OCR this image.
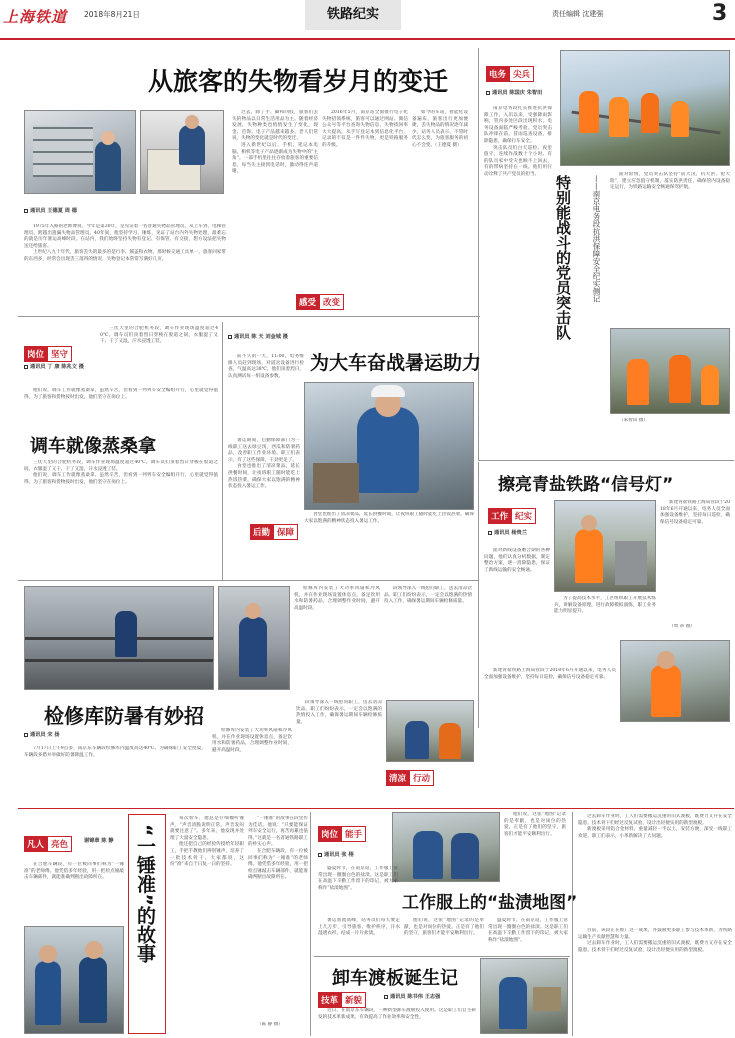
上海铁道 2018年8月21日	铁路纪实	责任编辑 沈建强	3
从旅客的失物看岁月的变迁
通讯员 王德夏 周 德

1975年入路的老师傅说，今年是第30年，是见证着一名普通失物品管理员。从上车到，电梯管理员，跨越出遗漏失物品管理员，40年间，他坚持学习、锤炼，见证了站台内外失物处理，最难忘的就是历年暑运高峰时段。在站内，我们始终坚持失物有登记、有保管、有交接，想方设法把失物送还给旅客。

上世纪八九十年代，旅客丢失的最多的是行李、铺盖和衣物。那时候交通工具单一，旅客回家带的东西多，经常会出现丢三落四的情况，失物登记本常常写满好几页。

过去，除了手、脚和四肢，旅客们丢失的物品以日常生活用品为主。随着经济发展，失物种类也悄悄发生了变化，现金、首饰、电子产品越来越多。老人们常说，失物的变化就是时代的变迁。

进入新世纪以后，手机、笔记本电脑、相机等电子产品逐渐成为失物中的“主角”。一部手机里往往存放着旅客的重要信息，每当失主接到电话时，激动得连声道谢。

2016年5月，南京站全面推行电子化失物招领系统，旅客可以通过网站、微信公众号等平台查询失物信息，失物找回率大大提高。从手写登记本到信息化平台，记录的不仅是一件件失物，更是铁路服务的升级。

如今的车站，智能化设备遍布，旅客出行更加便捷，丢失物品的情况逐年减少。站务人员表示，不管时代怎么变，为旅客服务的初心不会变。（王德夏 摄）

感受 改变
电务 尖兵
通讯员 陈国庆 朱智田

南京电务段扎实推进抗洪保障工作。入汛以来，受强降雨影响，管内多处区段出现积水，电务设备面临严峻考验。党员突击队冲锋在前，冒雨巡查设备，排除隐患，确保行车安全。

突击队员们白天巡检、夜里值守，连续作战数十个小时。有的队员家中受灾也顾不上回去，有的带病坚持在一线。他们用行动诠释了共产党员的担当。

特别能战斗的党员突击队	——南京电务段抗洪保障安全纪实侧记

面对险情，党员突击队坚持“防大汛、抗大洪、抢大险”，建立应急值守机制，落实防洪责任，确保管内设备稳定运行，为铁路运输安全畅通保驾护航。

（朱智田 摄）

岗位 坚守
通讯员 丁 康 陈兆文 摄

三伏天里的合肥机务段，调车作业现场温度超过40℃。调车员们顶着烈日穿梭在股道之间，衣服湿了又干、干了又湿，汗水浸透工装。

他们说，调车工作就像蒸桑拿，虽然辛苦，但看到一列列车安全编组开行，心里就觉得值得。为了旅客和货物按时出发，他们坚守在岗位上。

调车就像蒸桑拿

三伏天里的合肥机务段，调车作业现场温度超过40℃。调车员们顶着烈日穿梭在股道之间，衣服湿了又干、干了又湿，汗水浸透工装。

他们说，调车工作就像蒸桑拿，虽然辛苦，但看到一列列车安全编组开行，心里就觉得值得。为了旅客和货物按时出发，他们坚守在岗位上。

通讯员 陈 天 刘金城 摄
为大车奋战暑运助力

前不久的一天，11:00，电务维修人员赶到现场，对道岔设备进行检查。气温高达38℃，他们顶着烈日，认真测试每一组设备参数。

暑运期间，后勤保障部门为一线职工送去绿豆汤、西瓜和防暑药品，改善职工作业环境。职工们表示，有了这些保障，干劲更足了。

食堂也推出了清凉菜品，延长供餐时间，让夜班职工随时能吃上热饭热菜，确保大家以饱满的精神状态投入暑运工作。

后勤 保障

食堂也推出了清凉菜品，延长供餐时间，让夜班职工随时能吃上热饭热菜，确保大家以饱满的精神状态投入暑运工作。

擦亮青盐铁路“信号灯”
工作 纪实
通讯员 杨贵兰

新建青盐铁路上海局管段于2018年6月开通以来，电务人员全面加强设备维护，坚持每日巡检，确保信号设备稳定可靠。

面对新线设备磨合期的各种问题，他们认真分析数据，制定整治方案，逐一消除隐患，保证了新线运输的安全畅通。

为了提高技术水平，工区组织职工开展技术练兵，讲解设备原理，进行故障模拟演练，职工业务能力明显提升。

（周 蒂 摄）

新建青盐铁路上海局管段于2018年6月开通以来，电务人员全面加强设备维护，坚持每日巡检，确保信号设备稳定可靠。

检修库内安装了大功率风扇和冷风机，并在作业现场设置休息点，备足饮用水和防暑药品，合理调整作业时间，避开高温时段。

段领导深入一线慰问职工，送去清凉饮品。职工们纷纷表示，一定会以饱满的热情投入工作，确保暑运期间车辆检修质量。

检修库防暑有妙招
通讯员 宋 扬

7月17日上午9点多，南京东车辆段检修库内温度高达40℃。为确保职工安全度夏，车辆段多措并举做好防暑降温工作。

检修库内安装了大功率风扇和冷风机，并在作业现场设置休息点，备足饮用水和防暑药品，合理调整作业时间，避开高温时段。

段领导深入一线慰问职工，送去清凉饮品。职工们纷纷表示，一定会以饱满的热情投入工作，确保暑运期间车辆检修质量。

清凉 行动
凡人 亮色	谢锦章 陈 静

在合肥车辆段，有一位被同事们称为“一锤准”的老师傅。他凭借多年经验，用一把检点锤敲击车辆部件，就能准确判断出故障所在。	“一锤准”的故事

每次检车，他总是仔细倾听锤声，“声音清脆说明正常，声音发闷就要注意了”。多年来，他发现并处理了大量安全隐患。

他还把自己的经验传授给年轻职工，手把手教他们辨别锤声，培养了一批技术骨干。大家都说，这份“准”来自于日复一日的坚持。

“一锤准”的故事在段里传为佳话。他说：“只要能保证列车安全运行，再苦再累也值得。”这就是一名普通铁路职工的朴实心声。

在合肥车辆段，有一位被同事们称为“一锤准”的老师傅。他凭借多年经验，用一把检点锤敲击车辆部件，就能准确判断出故障所在。

（陈 静 摄）

岗位 能手

他们说，这张“地图”记录的是奉献，也是对岗位的热爱。正是有了他们的坚守，旅客们才能平安顺利出行。

通讯员 张 栩
工作服上的“盐渍地图”

盛夏时节，在南京站，工作服上常常出现一圈圈白色的盐渍。这是职工们在高温下辛勤工作留下的印记，被大家称作“盐渍地图”。

暑运客流高峰，站务员们每天要走上几万步，引导旅客、维护秩序，汗水湿透衣衫，结成一片片盐渍。

他们说，这张“地图”记录的是奉献，也是对岗位的热爱。正是有了他们的坚守，旅客们才能平安顺利出行。

盛夏时节，在南京站，工作服上常常出现一圈圈白色的盐渍。这是职工们在高温下辛勤工作留下的印记，被大家称作“盐渍地图”。

卸车渡板诞生记
技革 新貌	通讯员 陈书伟 王志强

近日，在南京东车辆段，一种新型卸车渡板投入使用。这是职工们自主研发的技术革新成果，有效提高了作业效率和安全性。

过去卸车作业时，工人们需要搬运沉重的旧式渡板，既费力又存在安全隐患。技术骨干们经过反复试验，设计出轻便实用的新型渡板。

新渡板采用铝合金材料，重量减轻一半以上，安装方便，深受一线职工欢迎。职工们表示，小革新解决了大问题。

目前，该段正在推广这一成果，并鼓励更多职工参与技术革新，为铁路运输生产贡献智慧和力量。

过去卸车作业时，工人们需要搬运沉重的旧式渡板，既费力又存在安全隐患。技术骨干们经过反复试验，设计出轻便实用的新型渡板。
